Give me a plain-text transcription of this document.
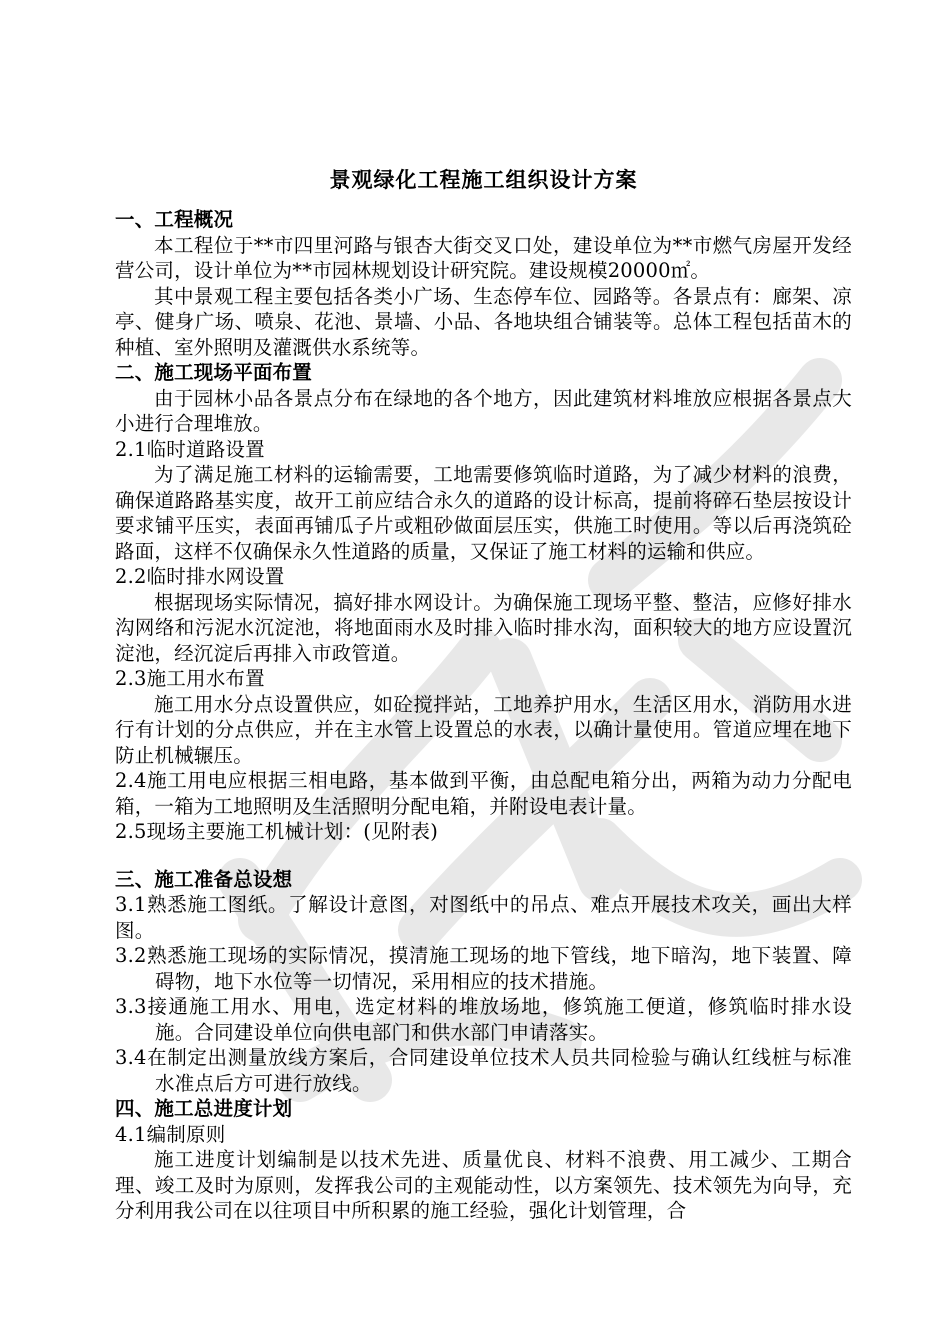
景观绿化工程施工组织设计方案
一、工程概况

本工程位于**市四里河路与银杏大街交叉口处，建设单位为**市燃气房屋开发经营公司，设计单位为**市园林规划设计研究院。建设规模20000㎡。

其中景观工程主要包括各类小广场、生态停车位、园路等。各景点有：廊架、凉亭、健身广场、喷泉、花池、景墙、小品、各地块组合铺装等。总体工程包括苗木的种植、室外照明及灌溉供水系统等。

二、施工现场平面布置

由于园林小品各景点分布在绿地的各个地方，因此建筑材料堆放应根据各景点大小进行合理堆放。

2.1临时道路设置

为了满足施工材料的运输需要，工地需要修筑临时道路，为了减少材料的浪费，确保道路路基实度，故开工前应结合永久的道路的设计标高，提前将碎石垫层按设计要求铺平压实，表面再铺瓜子片或粗砂做面层压实，供施工时使用。等以后再浇筑砼路面，这样不仅确保永久性道路的质量，又保证了施工材料的运输和供应。

2.2临时排水网设置

根据现场实际情况，搞好排水网设计。为确保施工现场平整、整洁，应修好排水沟网络和污泥水沉淀池，将地面雨水及时排入临时排水沟，面积较大的地方应设置沉淀池，经沉淀后再排入市政管道。

2.3施工用水布置

施工用水分点设置供应，如砼搅拌站，工地养护用水，生活区用水，消防用水进行有计划的分点供应，并在主水管上设置总的水表，以确计量使用。管道应埋在地下防止机械辗压。

2.4施工用电应根据三相电路，基本做到平衡，由总配电箱分出，两箱为动力分配电箱，一箱为工地照明及生活照明分配电箱，并附设电表计量。

2.5现场主要施工机械计划：(见附表)

三、施工准备总设想

3.1熟悉施工图纸。了解设计意图，对图纸中的吊点、难点开展技术攻关，画出大样图。

3.2熟悉施工现场的实际情况，摸清施工现场的地下管线，地下暗沟，地下装置、障碍物，地下水位等一切情况，采用相应的技术措施。

3.3接通施工用水、用电，选定材料的堆放场地，修筑施工便道，修筑临时排水设施。合同建设单位向供电部门和供水部门申请落实。

3.4在制定出测量放线方案后，合同建设单位技术人员共同检验与确认红线桩与标准水准点后方可进行放线。

四、施工总进度计划
4.1编制原则

施工进度计划编制是以技术先进、质量优良、材料不浪费、用工减少、工期合理、竣工及时为原则，发挥我公司的主观能动性，以方案领先、技术领先为向导，充分利用我公司在以往项目中所积累的施工经验，强化计划管理，合
